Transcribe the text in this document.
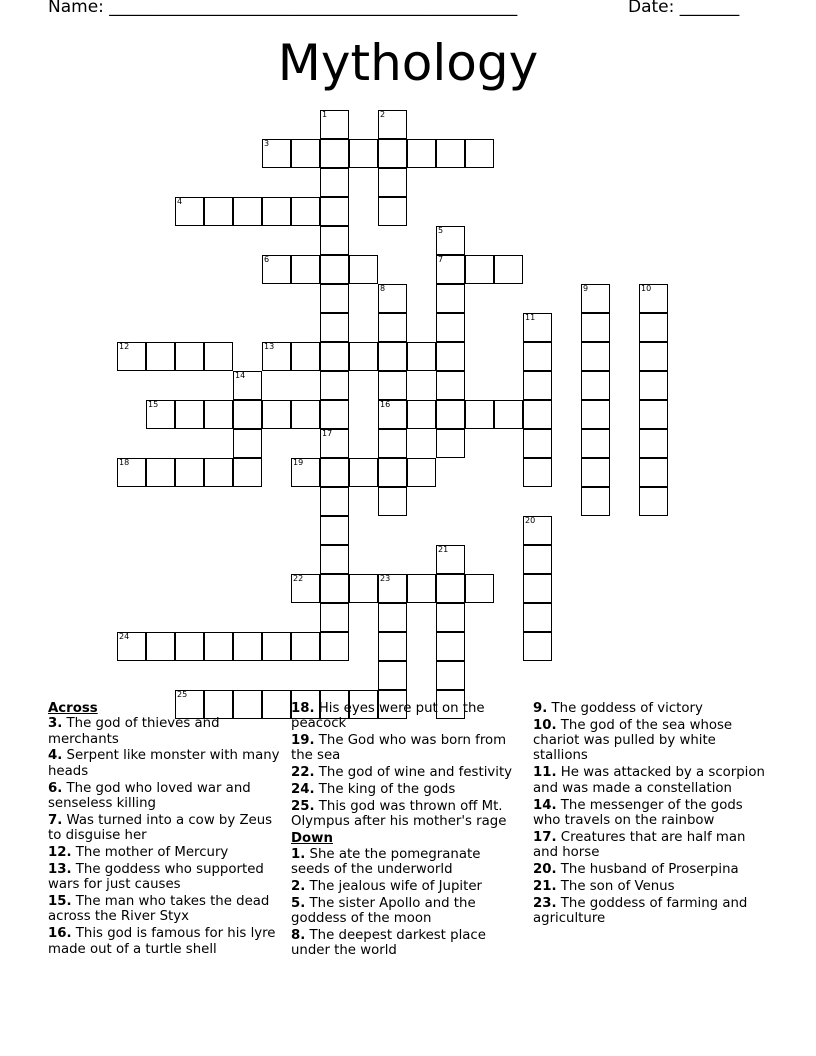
Name: ________________________________________________	Date: _______
Mythology
1
17
2
3
4
5
7
6
8
16
9	10
11
12	13
14
15
18	19
20
21
22	23
24
25
Across
3. The god of thieves and merchants
4. Serpent like monster with many heads
6. The god who loved war and senseless killing
7. Was turned into a cow by Zeus to disguise her
12. The mother of Mercury
13. The goddess who supported wars for just causes
15. The man who takes the dead across the River Styx
16. This god is famous for his lyre made out of a turtle shell
18. His eyes were put on the peacock
19. The God who was born from the sea
22. The god of wine and festivity
24. The king of the gods
25. This god was thrown off Mt. Olympus after his mother's rage
Down
1. She ate the pomegranate seeds of the underworld
2. The jealous wife of Jupiter
5. The sister Apollo and the goddess of the moon
8. The deepest darkest place under the world
9. The goddess of victory
10. The god of the sea whose chariot was pulled by white stallions
11. He was attacked by a scorpion and was made a constellation
14. The messenger of the gods who travels on the rainbow
17. Creatures that are half man and horse
20. The husband of Proserpina
21. The son of Venus
23. The goddess of farming and agriculture
